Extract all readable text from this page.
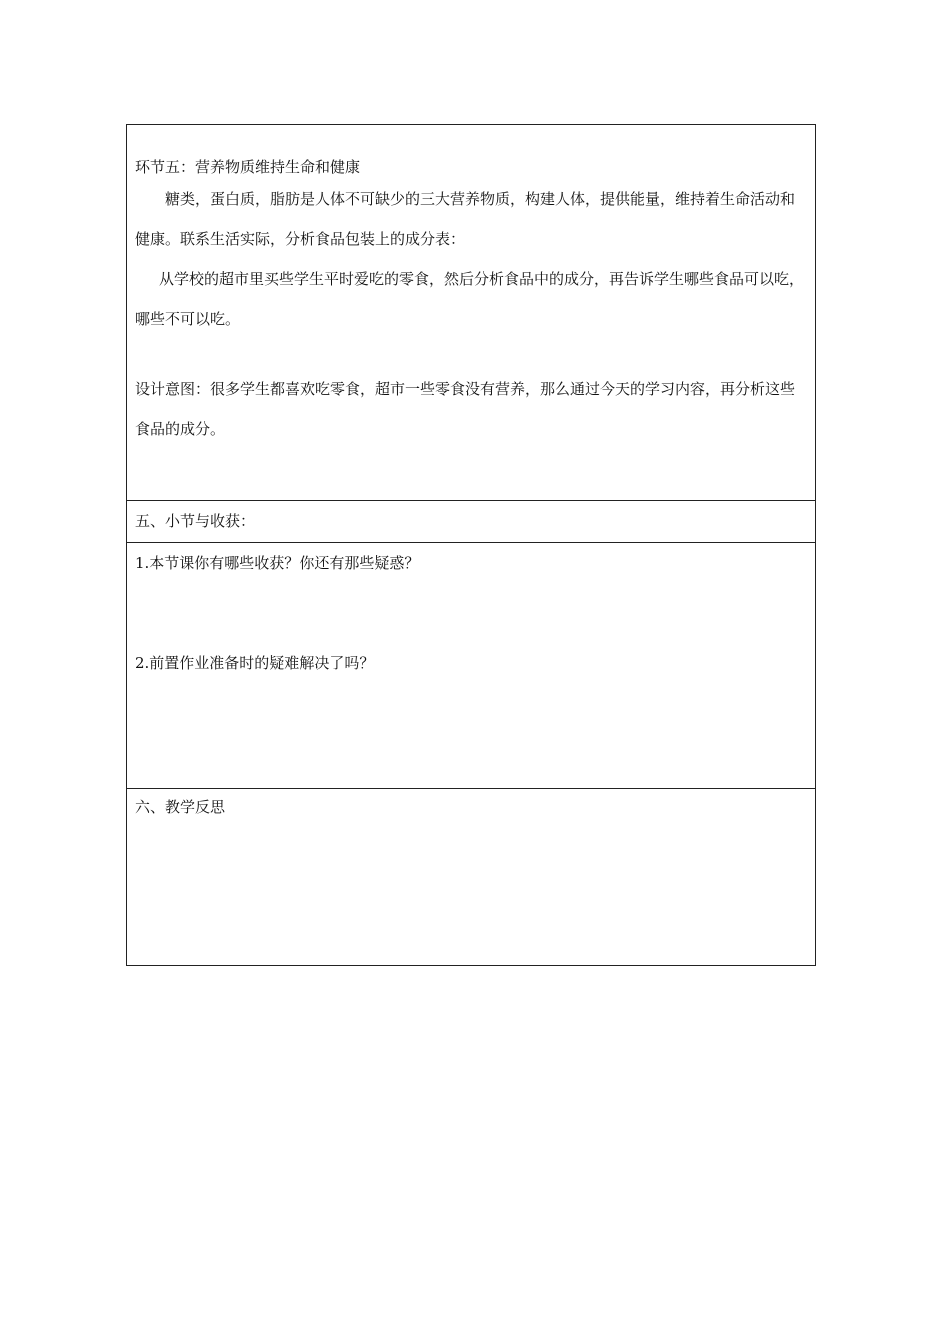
环节五：营养物质维持生命和健康

糖类，蛋白质，脂肪是人体不可缺少的三大营养物质，构建人体，提供能量，维持着生命活动和健康。联系生活实际，分析食品包装上的成分表：

从学校的超市里买些学生平时爱吃的零食，然后分析食品中的成分，再告诉学生哪些食品可以吃，哪些不可以吃。

设计意图：很多学生都喜欢吃零食，超市一些零食没有营养，那么通过今天的学习内容，再分析这些食品的成分。

五、小节与收获：

1.本节课你有哪些收获？你还有那些疑惑？

2.前置作业准备时的疑难解决了吗？

六、教学反思
